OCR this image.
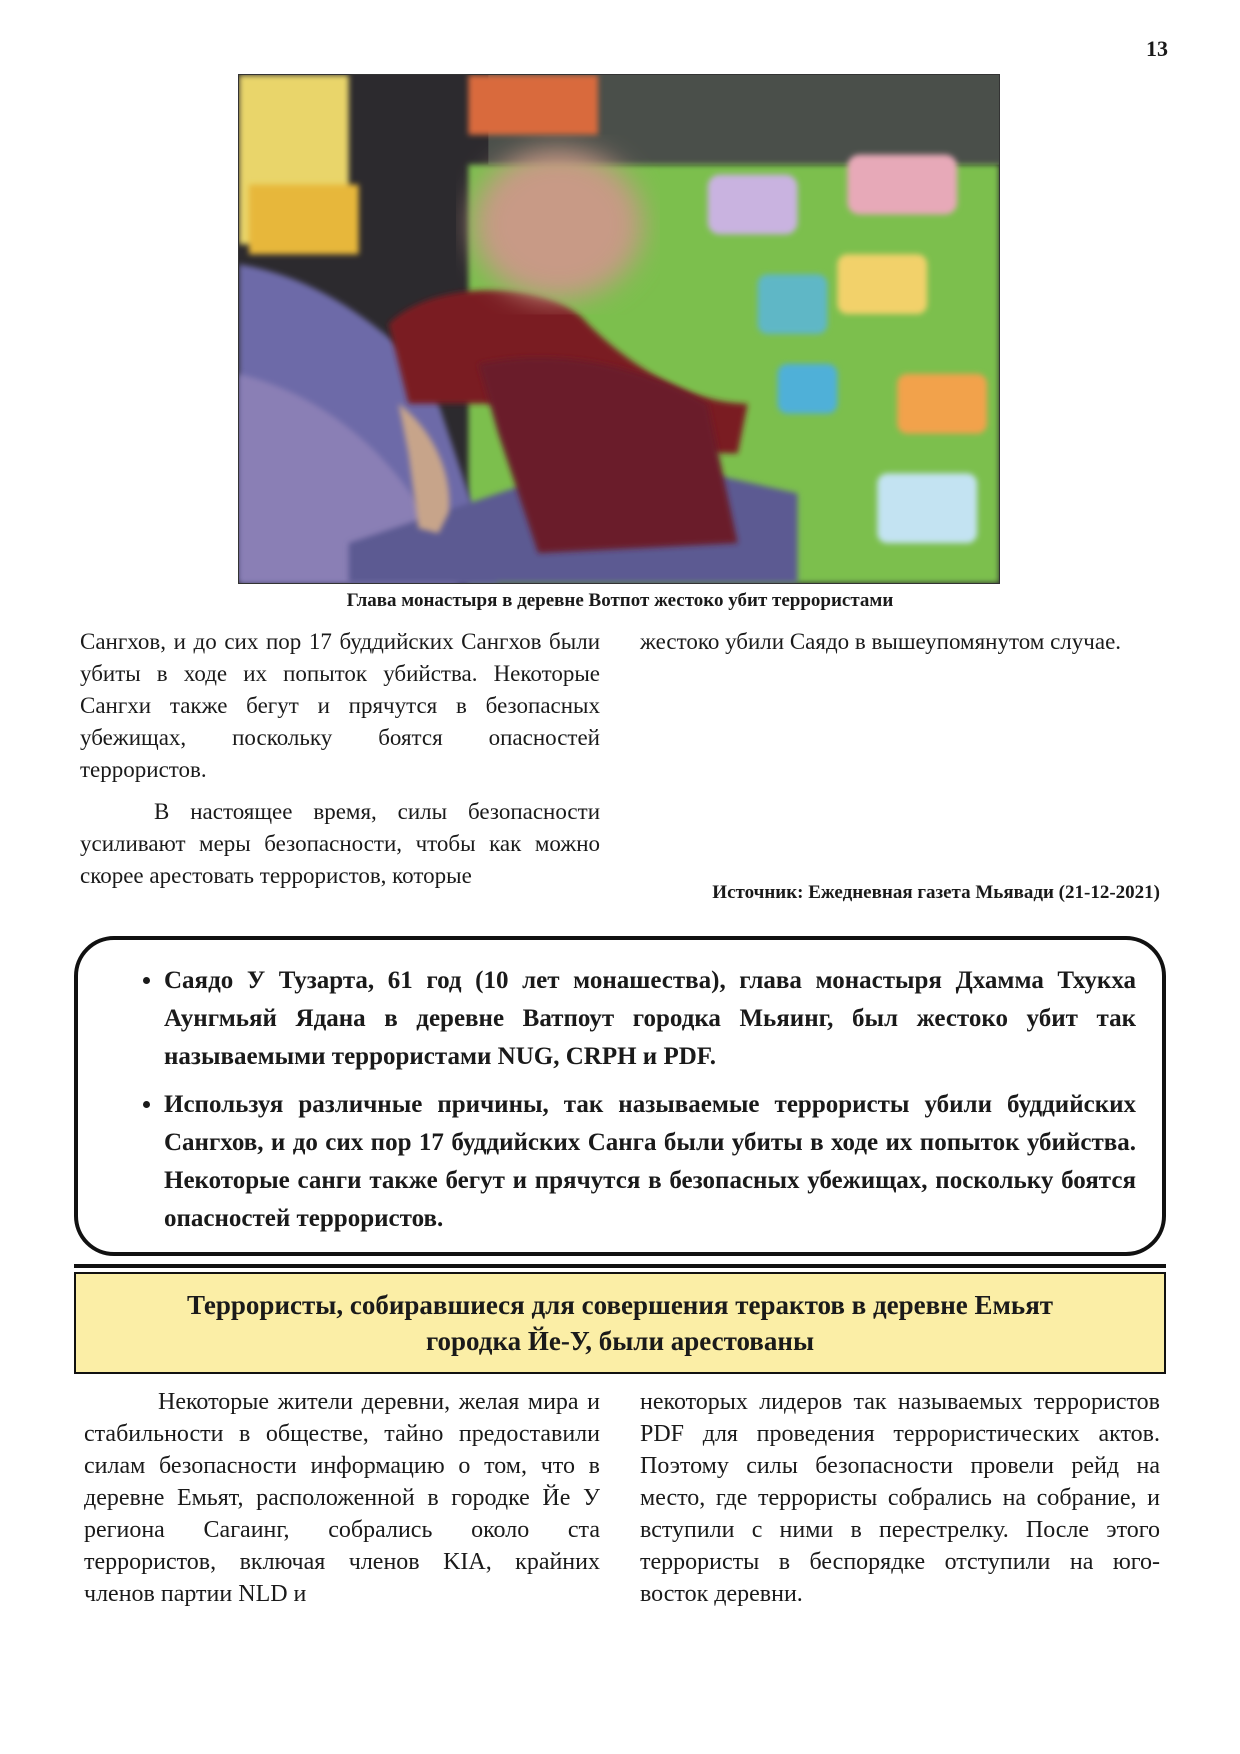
13
Глава монастыря в деревне Вотпот жестоко убит террористами

Сангхов, и до сих пор 17 буддийских Сангхов были убиты в ходе их попыток убийства. Некоторые Сангхи также бегут и прячутся в безопасных убежищах, поскольку боятся опасностей террористов.

В настоящее время, силы безопасности усиливают меры безопасности, чтобы как можно скорее арестовать террористов, которые

жестоко убили Саядо в вышеупомянутом случае.

Источник: Ежедневная газета Мьявади (21-12-2021)
• Саядо У Тузарта, 61 год (10 лет монашества), глава монастыря Дхамма Тхукха Аунгмьяй Ядана в деревне Ватпоут городка Мьяинг, был жестоко убит так называемыми террористами NUG, CRPH и PDF.
• Используя различные причины, так называемые террористы убили буддийских Сангхов, и до сих пор 17 буддийских Санга были убиты в ходе их попыток убийства. Некоторые санги также бегут и прячутся в безопасных убежищах, поскольку боятся опасностей террористов.
Террористы, собиравшиеся для совершения терактов в деревне Емьят
городка Йе-У, были арестованы

Некоторые жители деревни, желая мира и стабильности в обществе, тайно предоставили силам безопасности информацию о том, что в деревне Емьят, расположенной в городке Йе У региона Сагаинг, собрались около ста террористов, включая членов KIA, крайних членов партии NLD и

некоторых лидеров так называемых террористов PDF для проведения террористических актов. Поэтому силы безопасности провели рейд на место, где террористы собрались на собрание, и вступили с ними в перестрелку. После этого террористы в беспорядке отступили на юго-восток деревни.
